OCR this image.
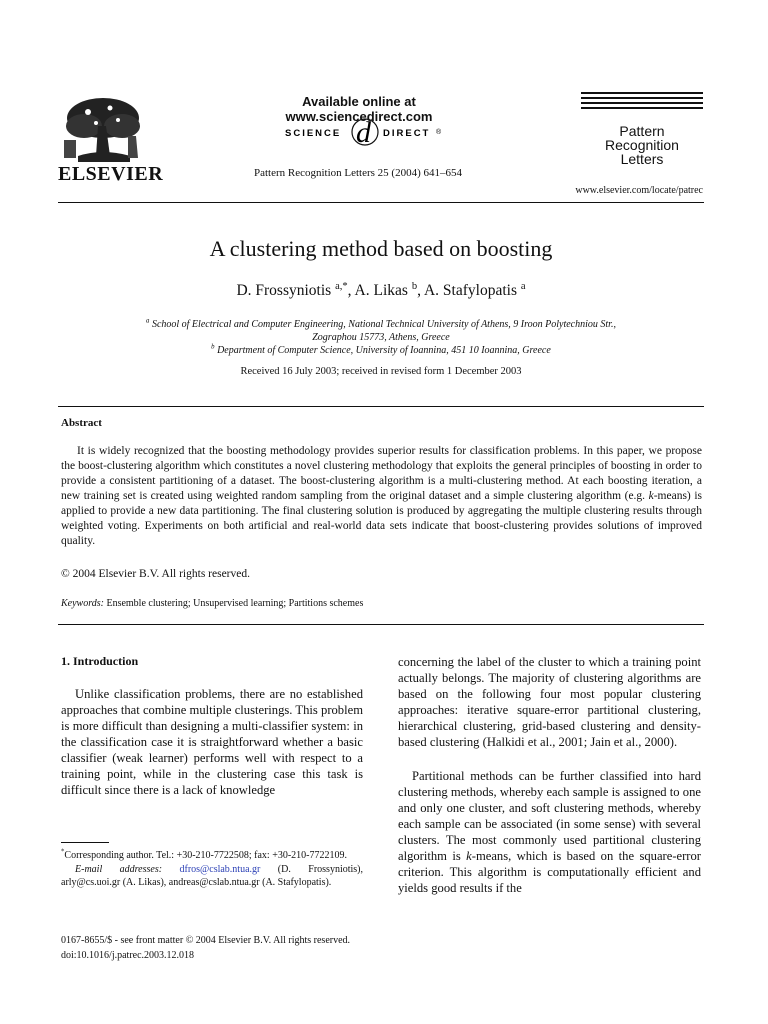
ELSEVIER
Available online at www.sciencedirect.com
SCIENCE d DIRECT ®
Pattern Recognition Letters 25 (2004) 641–654
Pattern Recognition
Letters
www.elsevier.com/locate/patrec
A clustering method based on boosting
D. Frossyniotis $^{a,*}$, A. Likas $^b$, A. Stafylopatis $^a$
$^a$ School of Electrical and Computer Engineering, National Technical University of Athens, 9 Iroon Polytechniou Str.,
Zographou 15773, Athens, Greece
$^b$ Department of Computer Science, University of Ioannina, 451 10 Ioannina, Greece
Received 16 July 2003; received in revised form 1 December 2003
Abstract
It is widely recognized that the boosting methodology provides superior results for classification problems. In this paper, we propose the boost-clustering algorithm which constitutes a novel clustering methodology that exploits the general principles of boosting in order to provide a consistent partitioning of a dataset. The boost-clustering algorithm is a multi-clustering method. At each boosting iteration, a new training set is created using weighted random sampling from the original dataset and a simple clustering algorithm (e.g. k-means) is applied to provide a new data partitioning. The final clustering solution is produced by aggregating the multiple clustering results through weighted voting. Experiments on both artificial and real-world data sets indicate that boost-clustering provides solutions of improved quality.
© 2004 Elsevier B.V. All rights reserved.
Keywords: Ensemble clustering; Unsupervised learning; Partitions schemes
1. Introduction
Unlike classification problems, there are no established approaches that combine multiple clusterings. This problem is more difficult than designing a multi-classifier system: in the classification case it is straightforward whether a basic classifier (weak learner) performs well with respect to a training point, while in the clustering case this task is difficult since there is a lack of knowledge
*Corresponding author. Tel.: +30-210-7722508; fax: +30-210-7722109.
E-mail addresses: dfros@cslab.ntua.gr (D. Frossyniotis), arly@cs.uoi.gr (A. Likas), andreas@cslab.ntua.gr (A. Stafylopatis).
concerning the label of the cluster to which a training point actually belongs. The majority of clustering algorithms are based on the following four most popular clustering approaches: iterative square-error partitional clustering, hierarchical clustering, grid-based clustering and density-based clustering (Halkidi et al., 2001; Jain et al., 2000).
Partitional methods can be further classified into hard clustering methods, whereby each sample is assigned to one and only one cluster, and soft clustering methods, whereby each sample can be associated (in some sense) with several clusters. The most commonly used partitional clustering algorithm is k-means, which is based on the square-error criterion. This algorithm is computationally efficient and yields good results if the
0167-8655/$ - see front matter © 2004 Elsevier B.V. All rights reserved.
doi:10.1016/j.patrec.2003.12.018
